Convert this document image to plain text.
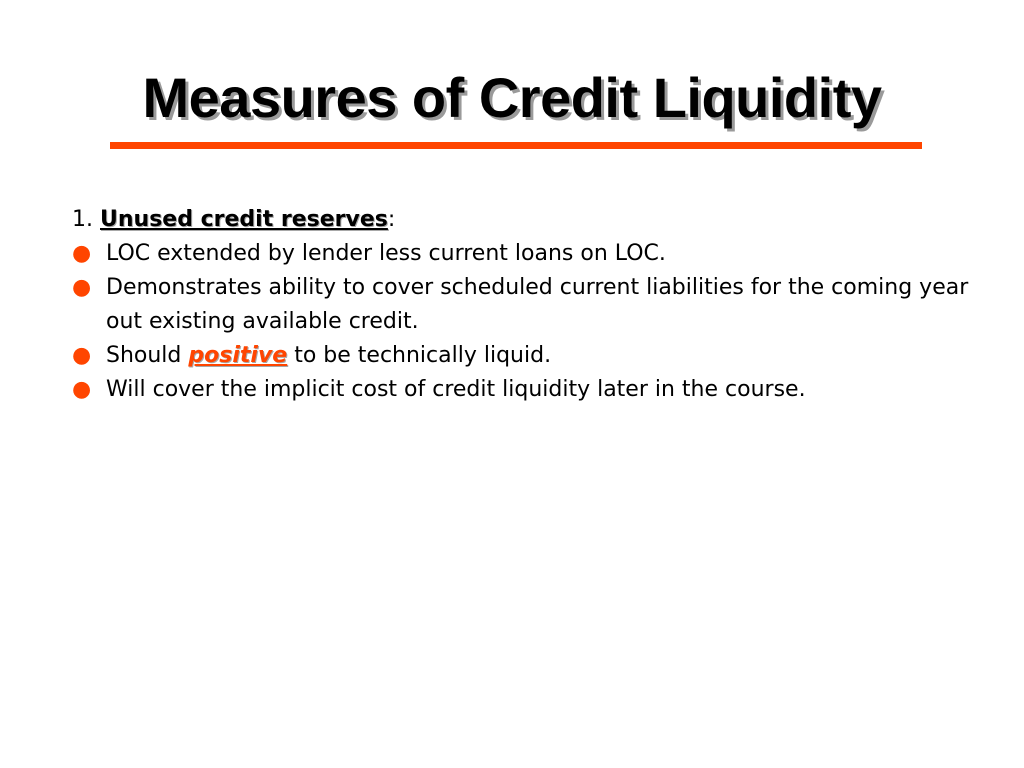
Measures of Credit Liquidity
1. Unused credit reserves:
● LOC extended by lender less current loans on LOC.
● Demonstrates ability to cover scheduled current liabilities for the coming year out existing available credit.
● Should positive to be technically liquid.
● Will cover the implicit cost of credit liquidity later in the course.
